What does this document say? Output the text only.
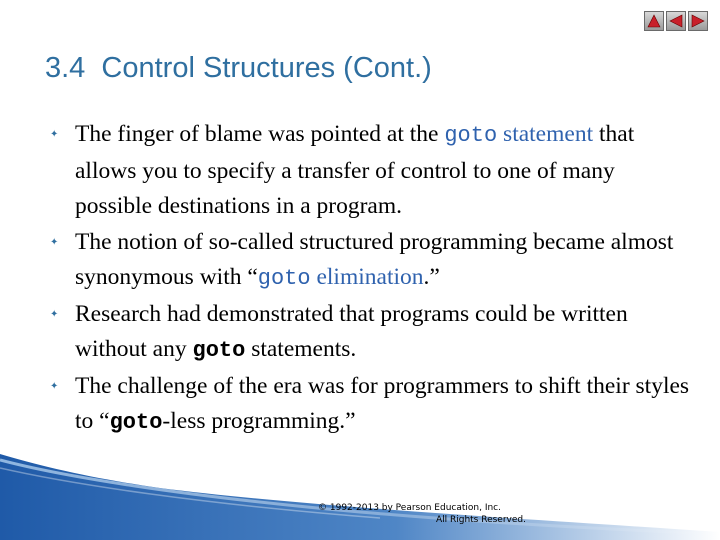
3.4  Control Structures (Cont.)
✦ The finger of blame was pointed at the goto statement that allows you to specify a transfer of control to one of many possible destinations in a program.
✦ The notion of so-called structured programming became almost synonymous with “goto elimination.”
✦ Research had demonstrated that programs could be written without any goto statements.
✦ The challenge of the era was for programmers to shift their styles to “goto-less programming.”
© 1992-2013 by Pearson Education, Inc.
All Rights Reserved.
